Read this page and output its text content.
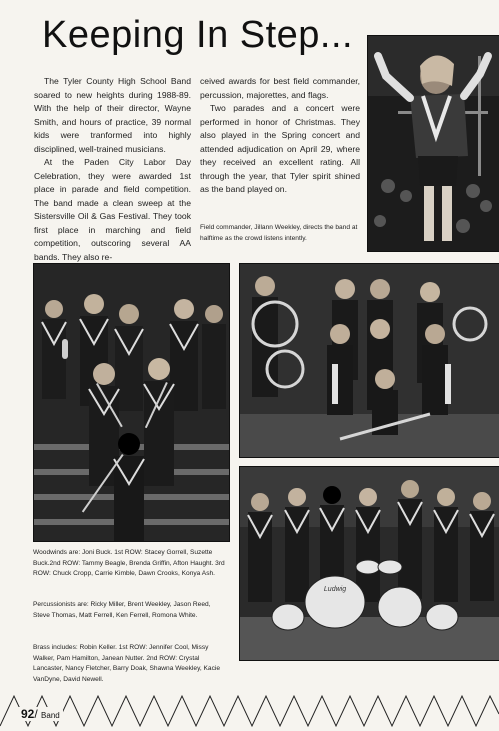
Keeping In Step...

The Tyler County High School Band soared to new heights during 1988-89. With the help of their director, Wayne Smith, and hours of practice, 39 normal kids were tranformed into highly disciplined, well-trained musicians.

At the Paden City Labor Day Celebration, they were awarded 1st place in parade and field competition. The band made a clean sweep at the Sistersville Oil & Gas Festival. They took first place in marching and field competition, outscoring several AA bands. They also re-

ceived awards for best field commander, percussion, majorettes, and flags.

Two parades and a concert were performed in honor of Christmas. They also played in the Spring concert and attended adjudication on April 29, where they received an excellent rating. All through the year, that Tyler spirit shined as the band played on.

Field commander, Jillann Weekley, directs the band at halftime as the crowd listens intently.
Ludwig
Woodwinds are: Joni Buck. 1st ROW: Stacey Gorrell, Suzette Buck.2nd ROW: Tammy Beagle, Brenda Griffin, Afton Haught. 3rd ROW: Chuck Cropp, Carrie Kimble, Dawn Crooks, Konya Ash.
Percussionists are: Ricky Miller, Brent Weekley, Jason Reed, Steve Thomas, Matt Ferrell, Ken Ferrell, Romona White.
Brass includes: Robin Keller. 1st ROW: Jennifer Cool, Missy Walker, Pam Hamilton, Janean Nutter. 2nd ROW: Crystal Lancaster, Nancy Fletcher, Barry Doak, Shawna Weekley, Kacie VanDyne, David Newell.
92/ Band
